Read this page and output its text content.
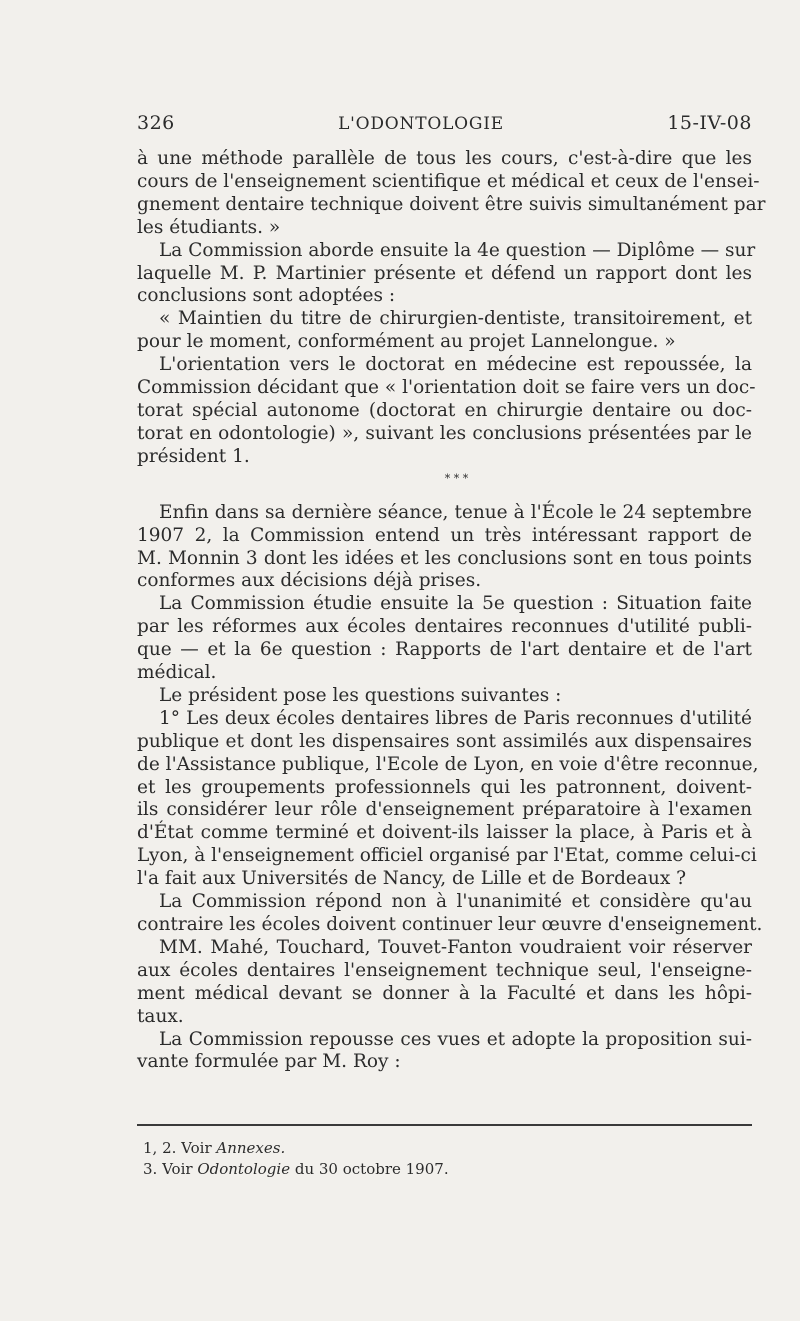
326	L'ODONTOLOGIE	15-IV-08
à une méthode parallèle de tous les cours, c'est-à-dire que les
cours de l'enseignement scientifique et médical et ceux de l'ensei-
gnement dentaire technique doivent être suivis simultanément par
les étudiants. »
La Commission aborde ensuite la 4e question — Diplôme — sur
laquelle M. P. Martinier présente et défend un rapport dont les
conclusions sont adoptées :
« Maintien du titre de chirurgien-dentiste, transitoirement, et
pour le moment, conformément au projet Lannelongue. »
L'orientation vers le doctorat en médecine est repoussée, la
Commission décidant que « l'orientation doit se faire vers un doc-
torat spécial autonome (doctorat en chirurgie dentaire ou doc-
torat en odontologie) », suivant les conclusions présentées par le
président 1.
* * *
Enfin dans sa dernière séance, tenue à l'École le 24 septembre
1907 2, la Commission entend un très intéressant rapport de
M. Monnin 3 dont les idées et les conclusions sont en tous points
conformes aux décisions déjà prises.
La Commission étudie ensuite la 5e question : Situation faite
par les réformes aux écoles dentaires reconnues d'utilité publi-
que — et la 6e question : Rapports de l'art dentaire et de l'art
médical.
Le président pose les questions suivantes :
1° Les deux écoles dentaires libres de Paris reconnues d'utilité
publique et dont les dispensaires sont assimilés aux dispensaires
de l'Assistance publique, l'Ecole de Lyon, en voie d'être reconnue,
et les groupements professionnels qui les patronnent, doivent-
ils considérer leur rôle d'enseignement préparatoire à l'examen
d'État comme terminé et doivent-ils laisser la place, à Paris et à
Lyon, à l'enseignement officiel organisé par l'Etat, comme celui-ci
l'a fait aux Universités de Nancy, de Lille et de Bordeaux ?
La Commission répond non à l'unanimité et considère qu'au
contraire les écoles doivent continuer leur œuvre d'enseignement.
MM. Mahé, Touchard, Touvet-Fanton voudraient voir réserver
aux écoles dentaires l'enseignement technique seul, l'enseigne-
ment médical devant se donner à la Faculté et dans les hôpi-
taux.
La Commission repousse ces vues et adopte la proposition sui-
vante formulée par M. Roy :
1, 2. Voir Annexes.
3. Voir Odontologie du 30 octobre 1907.
